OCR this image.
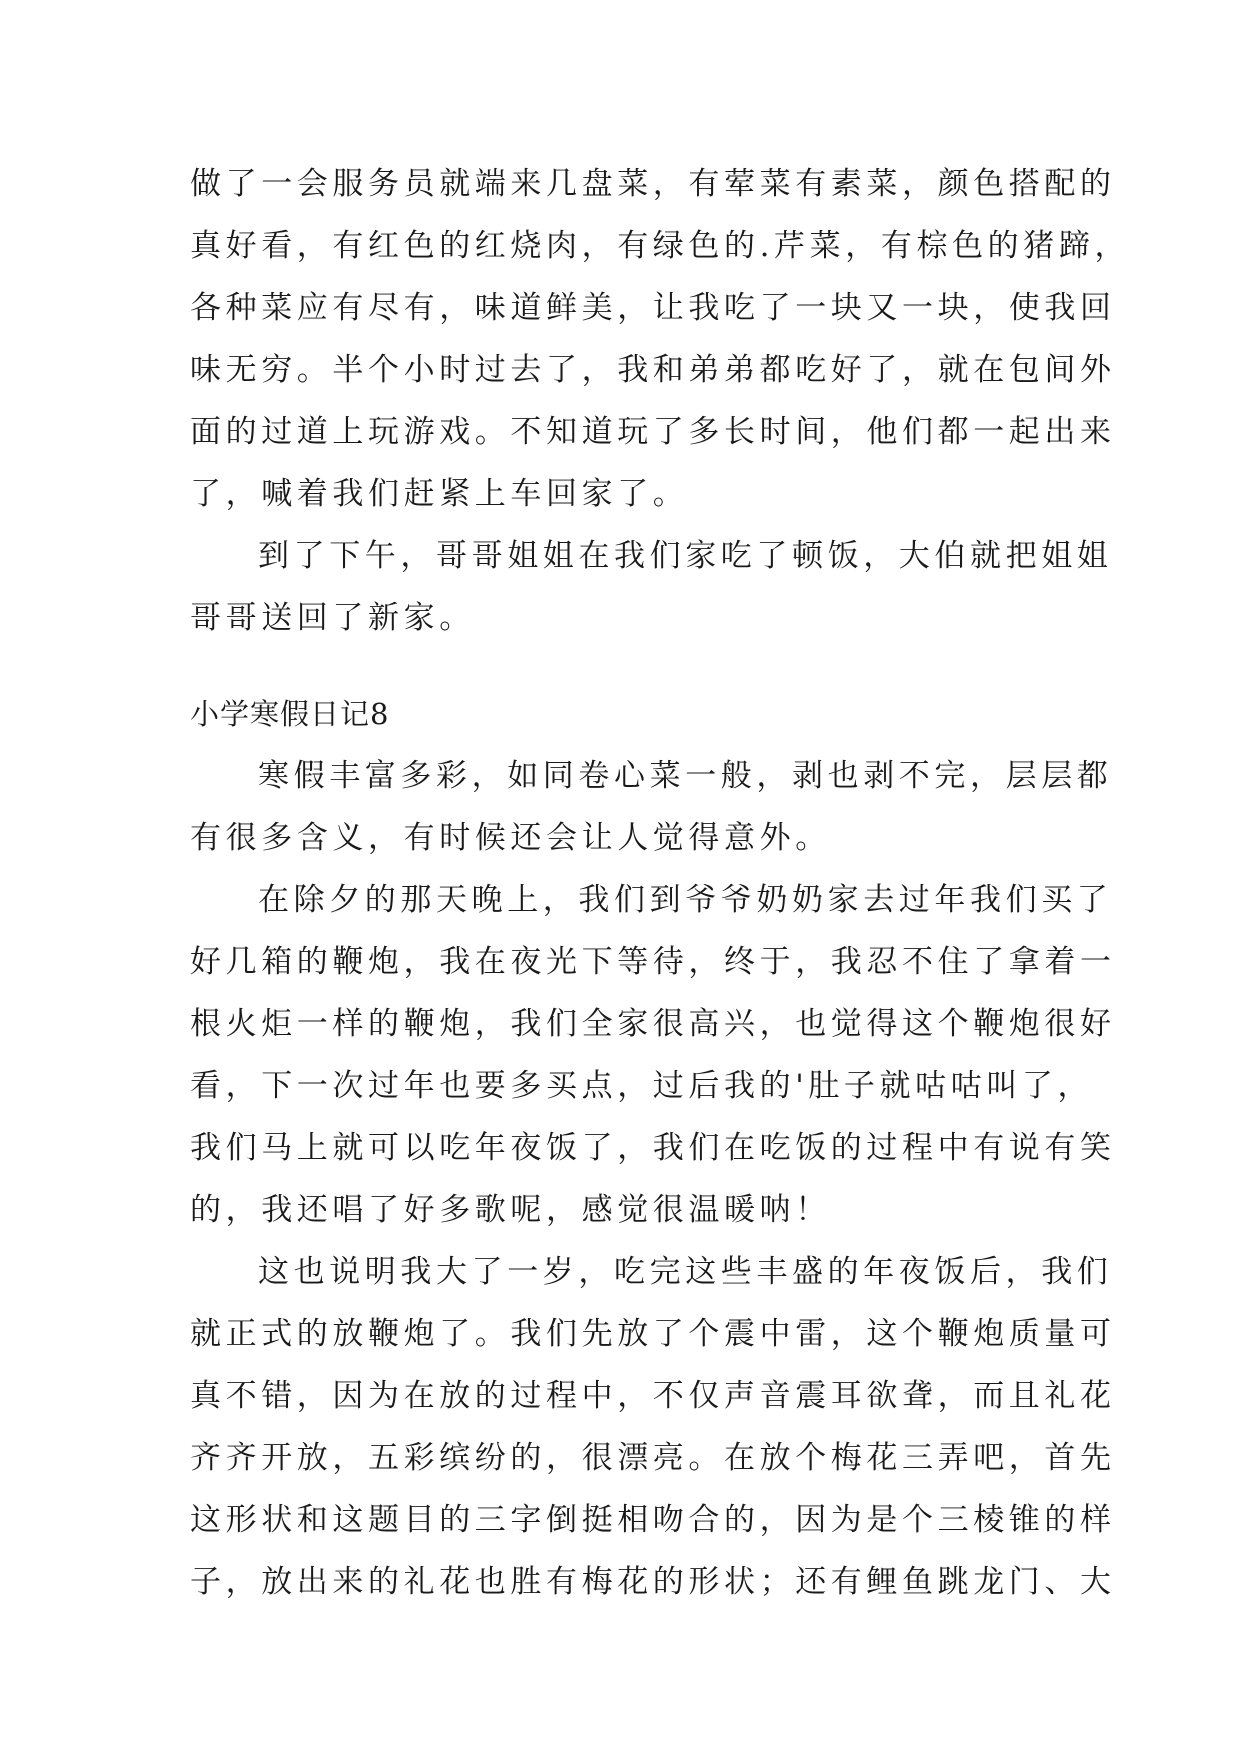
做了一会服务员就端来几盘菜，有荤菜有素菜，颜色搭配的
真好看，有红色的红烧肉，有绿色的.芹菜，有棕色的猪蹄，
各种菜应有尽有，味道鲜美，让我吃了一块又一块，使我回
味无穷。半个小时过去了，我和弟弟都吃好了，就在包间外
面的过道上玩游戏。不知道玩了多长时间，他们都一起出来
了，喊着我们赶紧上车回家了。
到了下午，哥哥姐姐在我们家吃了顿饭，大伯就把姐姐
哥哥送回了新家。
小学寒假日记8
寒假丰富多彩，如同卷心菜一般，剥也剥不完，层层都
有很多含义，有时候还会让人觉得意外。
在除夕的那天晚上，我们到爷爷奶奶家去过年我们买了
好几箱的鞭炮，我在夜光下等待，终于，我忍不住了拿着一
根火炬一样的鞭炮，我们全家很高兴，也觉得这个鞭炮很好
看，下一次过年也要多买点，过后我的'肚子就咕咕叫了，
我们马上就可以吃年夜饭了，我们在吃饭的过程中有说有笑
的，我还唱了好多歌呢，感觉很温暖呐！
这也说明我大了一岁，吃完这些丰盛的年夜饭后，我们
就正式的放鞭炮了。我们先放了个震中雷，这个鞭炮质量可
真不错，因为在放的过程中，不仅声音震耳欲聋，而且礼花
齐齐开放，五彩缤纷的，很漂亮。在放个梅花三弄吧，首先
这形状和这题目的三字倒挺相吻合的，因为是个三棱锥的样
子，放出来的礼花也胜有梅花的形状；还有鲤鱼跳龙门、大
